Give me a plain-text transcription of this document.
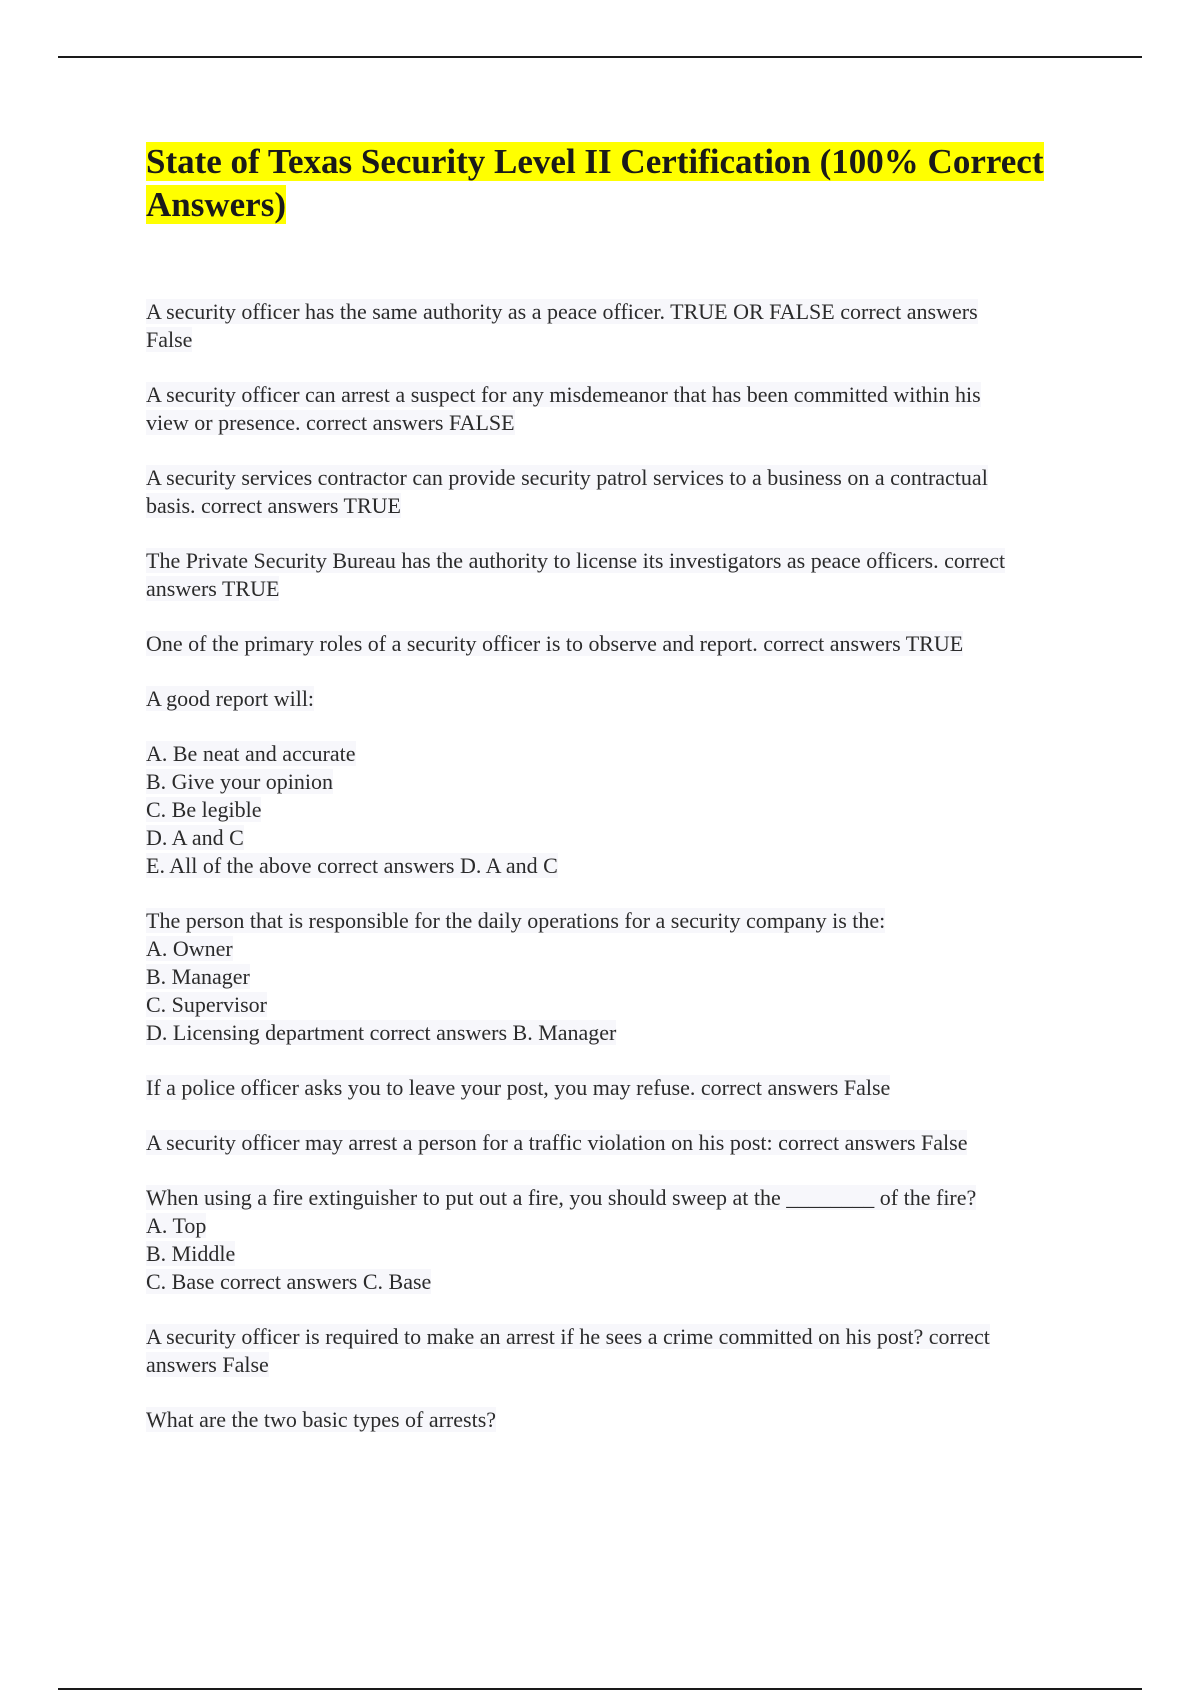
State of Texas Security Level II Certification (100% Correct Answers)

A security officer has the same authority as a peace officer. TRUE OR FALSE correct answers
False

A security officer can arrest a suspect for any misdemeanor that has been committed within his
view or presence. correct answers FALSE

A security services contractor can provide security patrol services to a business on a contractual
basis. correct answers TRUE

The Private Security Bureau has the authority to license its investigators as peace officers. correct
answers TRUE

One of the primary roles of a security officer is to observe and report. correct answers TRUE

A good report will:

A. Be neat and accurate
B. Give your opinion
C. Be legible
D. A and C
E. All of the above correct answers D. A and C

The person that is responsible for the daily operations for a security company is the:
A. Owner
B. Manager
C. Supervisor
D. Licensing department correct answers B. Manager

If a police officer asks you to leave your post, you may refuse. correct answers False

A security officer may arrest a person for a traffic violation on his post: correct answers False

When using a fire extinguisher to put out a fire, you should sweep at the ________ of the fire?
A. Top
B. Middle
C. Base correct answers C. Base

A security officer is required to make an arrest if he sees a crime committed on his post? correct
answers False

What are the two basic types of arrests?
